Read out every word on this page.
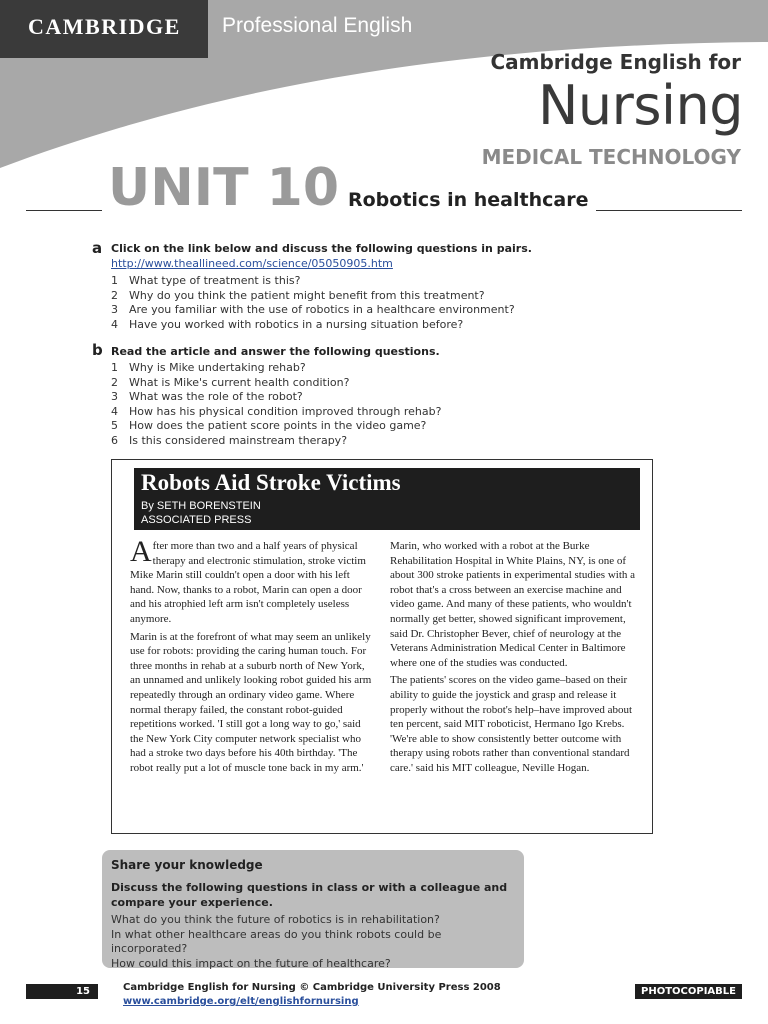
CAMBRIDGE Professional English
Cambridge English for
Nursing
MEDICAL TECHNOLOGY
UNIT 10 Robotics in healthcare
a Click on the link below and discuss the following questions in pairs.
http://www.theallineed.com/science/05050905.htm
1 What type of treatment is this?
2 Why do you think the patient might benefit from this treatment?
3 Are you familiar with the use of robotics in a healthcare environment?
4 Have you worked with robotics in a nursing situation before?
b Read the article and answer the following questions.
1 Why is Mike undertaking rehab?
2 What is Mike's current health condition?
3 What was the role of the robot?
4 How has his physical condition improved through rehab?
5 How does the patient score points in the video game?
6 Is this considered mainstream therapy?
Robots Aid Stroke Victims
By SETH BORENSTEIN
ASSOCIATED PRESS

After more than two and a half years of physical therapy and electronic stimulation, stroke victim Mike Marin still couldn't open a door with his left hand. Now, thanks to a robot, Marin can open a door and his atrophied left arm isn't completely useless anymore.

Marin is at the forefront of what may seem an unlikely use for robots: providing the caring human touch. For three months in rehab at a suburb north of New York, an unnamed and unlikely looking robot guided his arm repeatedly through an ordinary video game. Where normal therapy failed, the constant robot-guided repetitions worked. 'I still got a long way to go,' said the New York City computer network specialist who had a stroke two days before his 40th birthday. 'The robot really put a lot of muscle tone back in my arm.'

Marin, who worked with a robot at the Burke Rehabilitation Hospital in White Plains, NY, is one of about 300 stroke patients in experimental studies with a robot that's a cross between an exercise machine and video game. And many of these patients, who wouldn't normally get better, showed significant improvement, said Dr. Christopher Bever, chief of neurology at the Veterans Administration Medical Center in Baltimore where one of the studies was conducted.

The patients' scores on the video game–based on their ability to guide the joystick and grasp and release it properly without the robot's help–have improved about ten percent, said MIT roboticist, Hermano Igo Krebs. 'We're able to show consistently better outcome with therapy using robots rather than conventional standard care.' said his MIT colleague, Neville Hogan.

Share your knowledge
Discuss the following questions in class or with a colleague and compare your experience.
What do you think the future of robotics is in rehabilitation?
In what other healthcare areas do you think robots could be incorporated?
How could this impact on the future of healthcare?
15	Cambridge English for Nursing © Cambridge University Press 2008
www.cambridge.org/elt/englishfornursing
PHOTOCOPIABLE
